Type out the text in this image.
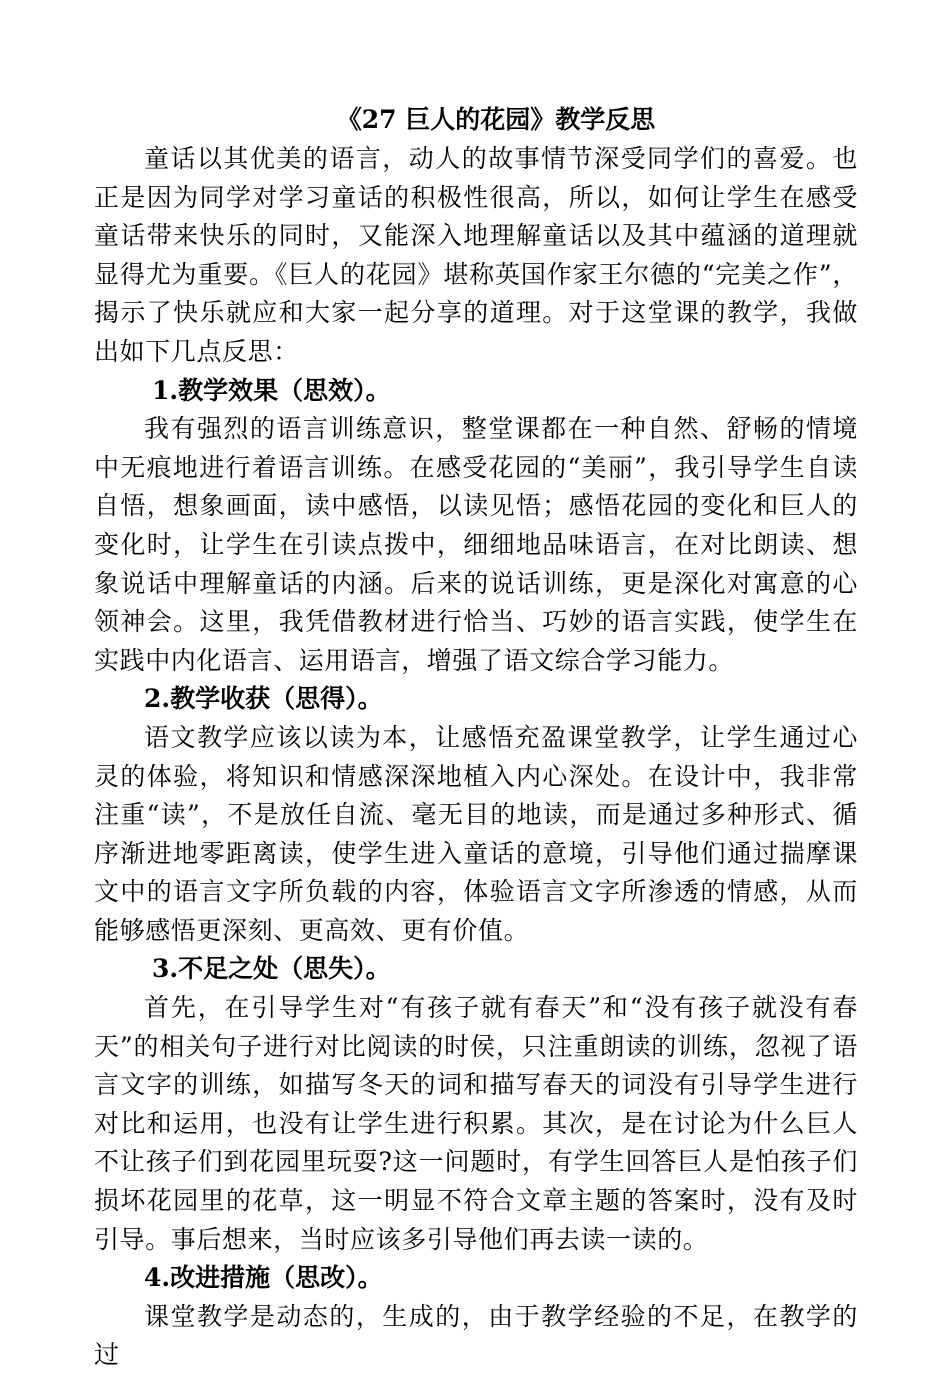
《27 巨人的花园》教学反思

童话以其优美的语言，动人的故事情节深受同学们的喜爱。也正是因为同学对学习童话的积极性很高，所以，如何让学生在感受童话带来快乐的同时，又能深入地理解童话以及其中蕴涵的道理就显得尤为重要。《巨人的花园》堪称英国作家王尔德的“完美之作”，揭示了快乐就应和大家一起分享的道理。对于这堂课的教学，我做出如下几点反思：

1.教学效果（思效）。

我有强烈的语言训练意识，整堂课都在一种自然、舒畅的情境中无痕地进行着语言训练。在感受花园的“美丽”，我引导学生自读自悟，想象画面，读中感悟，以读见悟；感悟花园的变化和巨人的变化时，让学生在引读点拨中，细细地品味语言，在对比朗读、想象说话中理解童话的内涵。后来的说话训练，更是深化对寓意的心领神会。这里，我凭借教材进行恰当、巧妙的语言实践，使学生在实践中内化语言、运用语言，增强了语文综合学习能力。

2.教学收获（思得）。

语文教学应该以读为本，让感悟充盈课堂教学，让学生通过心灵的体验，将知识和情感深深地植入内心深处。在设计中，我非常注重“读”，不是放任自流、毫无目的地读，而是通过多种形式、循序渐进地零距离读，使学生进入童话的意境，引导他们通过揣摩课文中的语言文字所负载的内容，体验语言文字所渗透的情感，从而能够感悟更深刻、更高效、更有价值。

3.不足之处（思失）。

首先，在引导学生对“有孩子就有春天”和“没有孩子就没有春天”的相关句子进行对比阅读的时侯，只注重朗读的训练，忽视了语言文字的训练，如描写冬天的词和描写春天的词没有引导学生进行对比和运用，也没有让学生进行积累。其次，是在讨论为什么巨人不让孩子们到花园里玩耍?这一问题时，有学生回答巨人是怕孩子们损坏花园里的花草，这一明显不符合文章主题的答案时，没有及时引导。事后想来，当时应该多引导他们再去读一读的。

4.改进措施（思改）。

课堂教学是动态的，生成的，由于教学经验的不足，在教学的过
